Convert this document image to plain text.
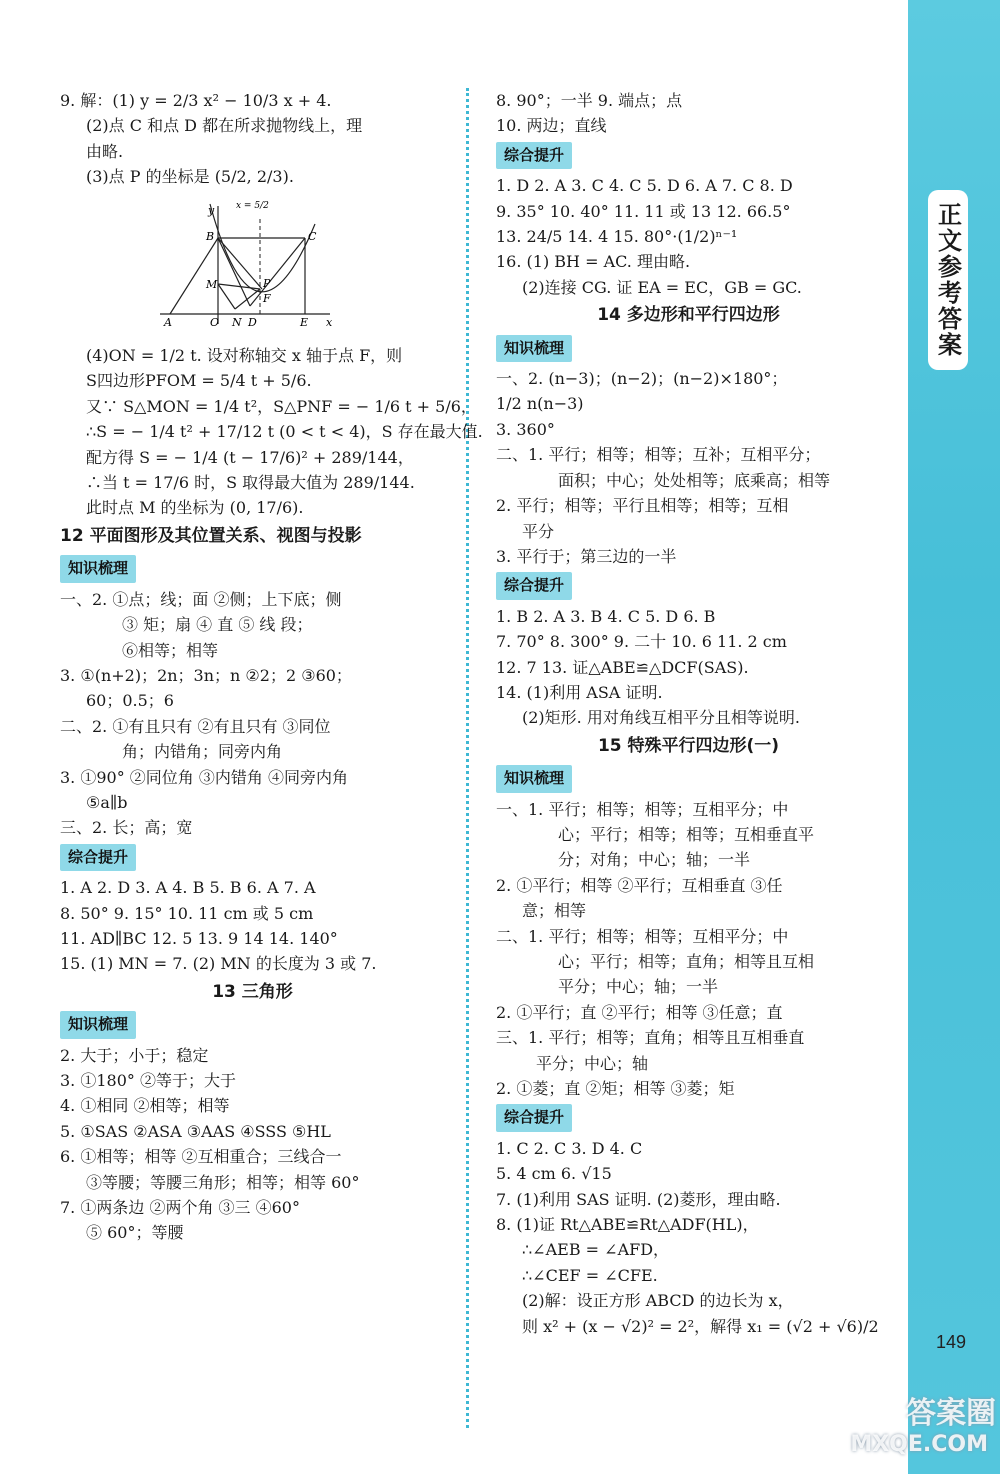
正文参考答案
149
9. 解：(1) y = 2/3 x² − 10/3 x + 4.
(2)点 C 和点 D 都在所求抛物线上，理
由略.
(3)点 P 的坐标是 (5/2, 2/3).
x = 5/2
y
B	C
M	P
F
A	O N D	E x
(4)ON = 1/2 t. 设对称轴交 x 轴于点 F，则
S四边形PFOM = 5/4 t + 5/6.
又∵ S△MON = 1/4 t²，S△PNF = − 1/6 t + 5/6，
∴S = − 1/4 t² + 17/12 t (0 < t < 4)，S 存在最大值.
配方得 S = − 1/4 (t − 17/6)² + 289/144，
∴当 t = 17/6 时，S 取得最大值为 289/144.
此时点 M 的坐标为 (0, 17/6).
12 平面图形及其位置关系、视图与投影
知识梳理

一、2. ①点；线；面 ②侧；上下底；侧
③ 矩；扇 ④ 直 ⑤ 线 段；
⑥相等；相等
3. ①(n+2)；2n；3n；n ②2；2 ③60；
60；0.5；6
二、2. ①有且只有 ②有且只有 ③同位
角；内错角；同旁内角
3. ①90° ②同位角 ③内错角 ④同旁内角
⑤a∥b
三、2. 长；高；宽
综合提升

1. A 2. D 3. A 4. B 5. B 6. A 7. A
8. 50° 9. 15° 10. 11 cm 或 5 cm
11. AD∥BC 12. 5 13. 9 14 14. 140°
15. (1) MN = 7. (2) MN 的长度为 3 或 7.
13 三角形
知识梳理

2. 大于；小于；稳定
3. ①180° ②等于；大于
4. ①相同 ②相等；相等
5. ①SAS ②ASA ③AAS ④SSS ⑤HL
6. ①相等；相等 ②互相重合；三线合一
③等腰；等腰三角形；相等；相等 60°
7. ①两条边 ②两个角 ③三 ④60°
⑤ 60°；等腰
8. 90°；一半 9. 端点；点
10. 两边；直线
综合提升

1. D 2. A 3. C 4. C 5. D 6. A 7. C 8. D
9. 35° 10. 40° 11. 11 或 13 12. 66.5°
13. 24/5 14. 4 15. 80°·(1/2)ⁿ⁻¹
16. (1) BH = AC. 理由略.
(2)连接 CG. 证 EA = EC，GB = GC.
14 多边形和平行四边形
知识梳理

一、2. (n−3)；(n−2)；(n−2)×180°；
1/2 n(n−3)
3. 360°
二、1. 平行；相等；相等；互补；互相平分；
面积；中心；处处相等；底乘高；相等
2. 平行；相等；平行且相等；相等；互相
平分
3. 平行于；第三边的一半
综合提升

1. B 2. A 3. B 4. C 5. D 6. B
7. 70° 8. 300° 9. 二十 10. 6 11. 2 cm
12. 7 13. 证△ABE≌△DCF(SAS).
14. (1)利用 ASA 证明.
(2)矩形. 用对角线互相平分且相等说明.
15 特殊平行四边形(一)
知识梳理

一、1. 平行；相等；相等；互相平分；中
心；平行；相等；相等；互相垂直平
分；对角；中心；轴；一半
2. ①平行；相等 ②平行；互相垂直 ③任
意；相等
二、1. 平行；相等；相等；互相平分；中
心；平行；相等；直角；相等且互相
平分；中心；轴；一半
2. ①平行；直 ②平行；相等 ③任意；直
三、1. 平行；相等；直角；相等且互相垂直
平分；中心；轴
2. ①菱；直 ②矩；相等 ③菱；矩
综合提升

1. C 2. C 3. D 4. C
5. 4 cm 6. √15
7. (1)利用 SAS 证明. (2)菱形，理由略.
8. (1)证 Rt△ABE≌Rt△ADF(HL)，
∴∠AEB = ∠AFD，
∴∠CEF = ∠CFE.
(2)解：设正方形 ABCD 的边长为 x，
则 x² + (x − √2)² = 2²，解得 x₁ = (√2 + √6)/2
答案圈
MXQE.COM
